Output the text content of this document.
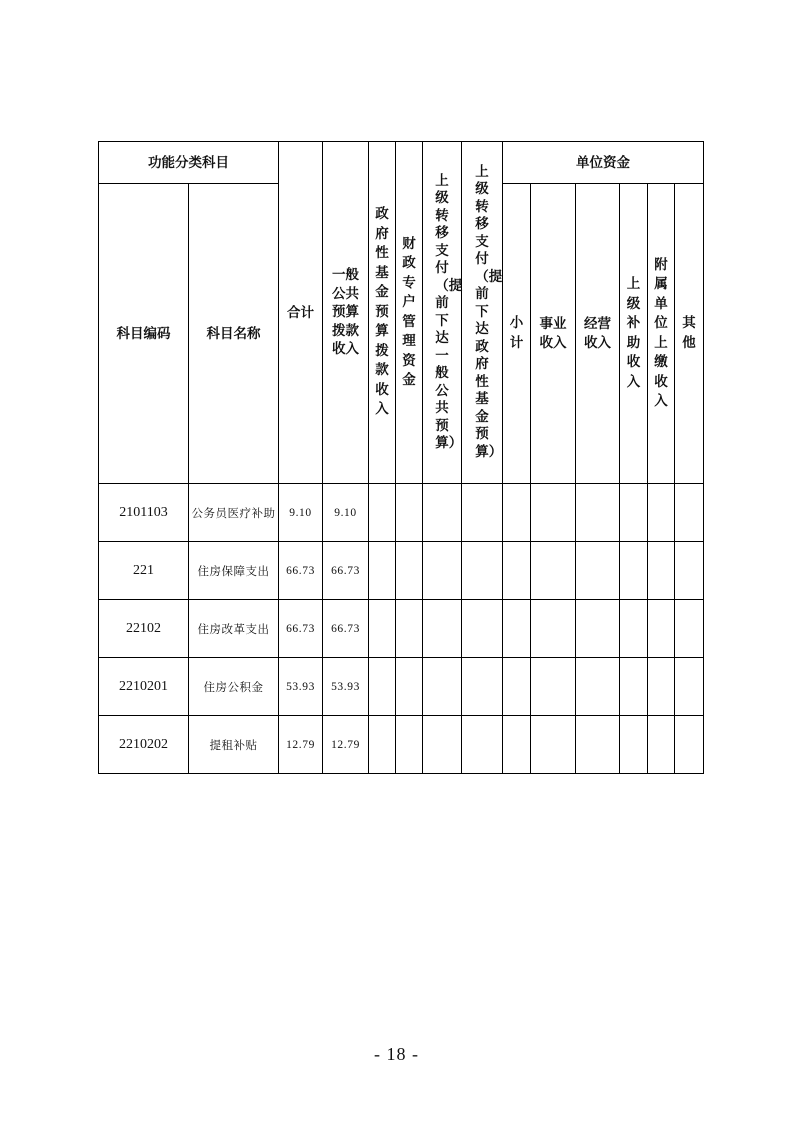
功能分类科目		合计	一般公共预算拨款收入	政府性基金预算拨款收入	财政专户管理资金	上级转移支付（提前下达一般公共预算）	上级转移支付（提前下达政府性基金预算）	单位资金					
科目编码	科目名称							小计	事业收入	经营收入	上级补助收入	附属单位上缴收入	其他
2101103	公务员医疗补助	9.10	9.10										
221	住房保障支出	66.73	66.73										
22102	住房改革支出	66.73	66.73										
2210201	住房公积金	53.93	53.93										
2210202	提租补贴	12.79	12.79										
- 18 -
